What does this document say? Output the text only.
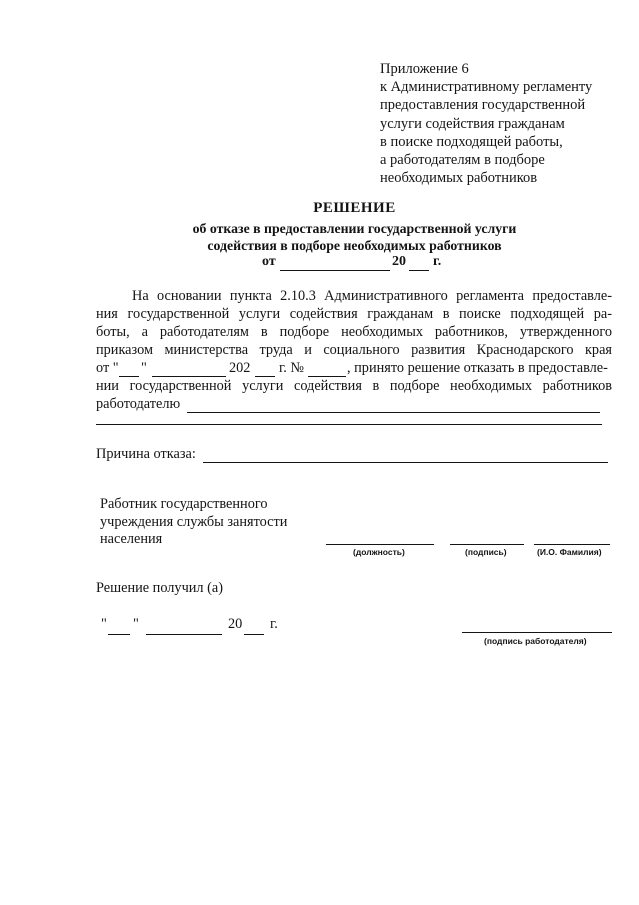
Приложение 6
к Административному регламенту
предоставления государственной
услуги содействия гражданам
в поиске подходящей работы,
а работодателям в подборе
необходимых работников
РЕШЕНИЕ
об отказе в предоставлении государственной услуги
содействия в подборе необходимых работников
от	20 г.
На основании пункта 2.10.3 Административного регламента предоставле-
ния государственной услуги содействия гражданам в поиске подходящей ра-
боты, а работодателям в подборе необходимых работников, утвержденного
приказом министерства труда и социального развития Краснодарского края
от " "	202 г. №	, принято решение отказать в предоставле-
нии государственной услуги содействия в подборе необходимых работников
работодателю
Причина отказа:
Работник государственного
учреждения службы занятости
населения
(должность)	(подпись)	(И.О. Фамилия)
Решение получил (а)
" "	20 г.
(подпись работодателя)
